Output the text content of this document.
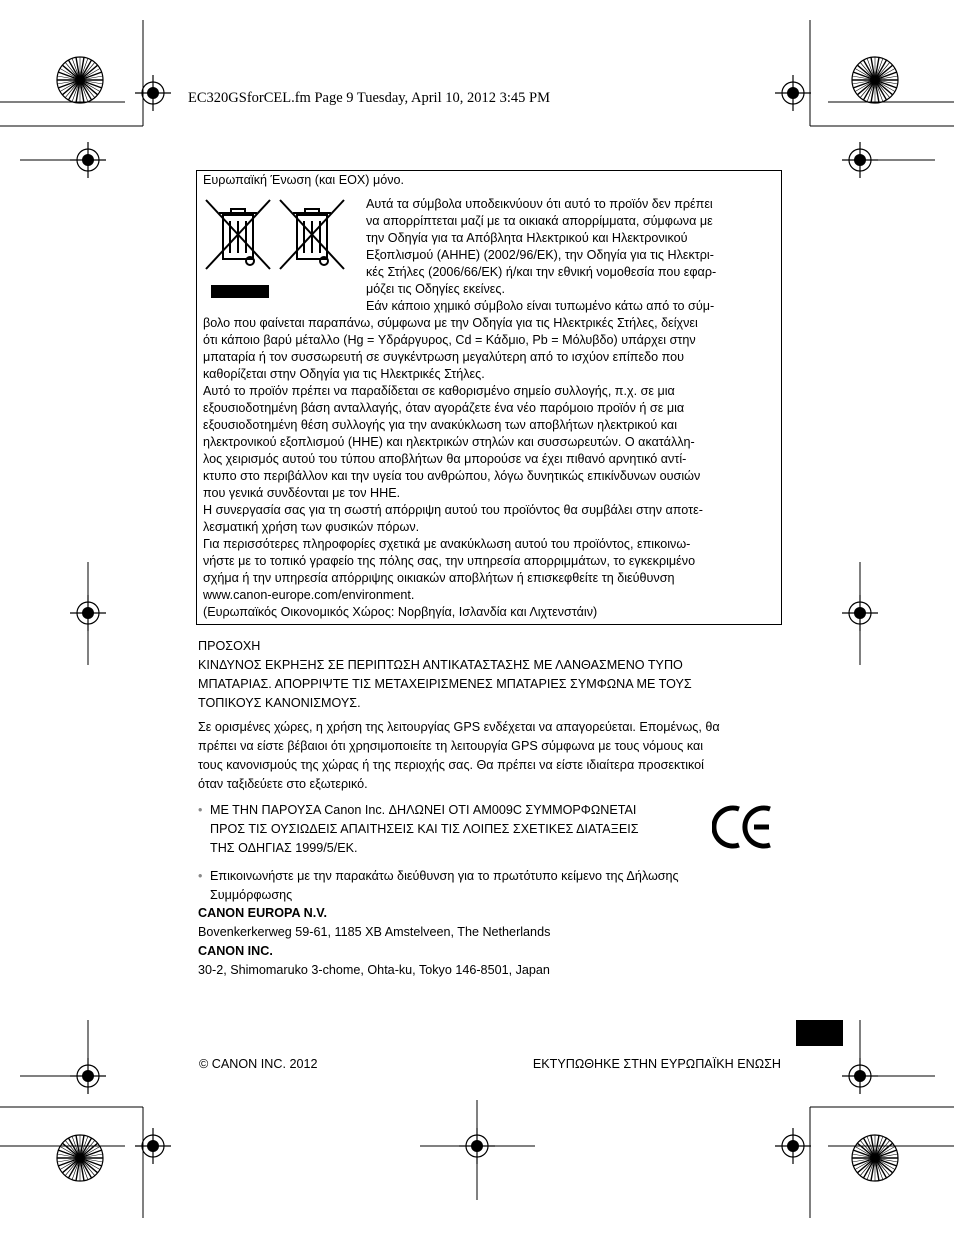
EC320GSforCEL.fm Page 9 Tuesday, April 10, 2012 3:45 PM
Ευρωπαϊκή Ένωση (και ΕΟΧ) μόνο.
Αυτά τα σύμβολα υποδεικνύουν ότι αυτό το προϊόν δεν πρέπει
να απορρίπτεται μαζί με τα οικιακά απορρίμματα, σύμφωνα με
την Οδηγία για τα Απόβλητα Ηλεκτρικού και Ηλεκτρονικού
Εξοπλισμού (ΑΗΗΕ) (2002/96/ΕΚ), την Οδηγία για τις Ηλεκτρι-
κές Στήλες (2006/66/ΕΚ) ή/και την εθνική νομοθεσία που εφαρ-
μόζει τις Οδηγίες εκείνες.
Εάν κάποιο χημικό σύμβολο είναι τυπωμένο κάτω από το σύμ-
βολο που φαίνεται παραπάνω, σύμφωνα με την Οδηγία για τις Ηλεκτρικές Στήλες, δείχνει
ότι κάποιο βαρύ μέταλλο (Hg = Υδράργυρος, Cd = Κάδμιο, Pb = Μόλυβδο) υπάρχει στην
μπαταρία ή τον συσσωρευτή σε συγκέντρωση μεγαλύτερη από το ισχύον επίπεδο που
καθορίζεται στην Οδηγία για τις Ηλεκτρικές Στήλες.
Αυτό το προϊόν πρέπει να παραδίδεται σε καθορισμένο σημείο συλλογής, π.χ. σε μια
εξουσιοδοτημένη βάση ανταλλαγής, όταν αγοράζετε ένα νέο παρόμοιο προϊόν ή σε μια
εξουσιοδοτημένη θέση συλλογής για την ανακύκλωση των αποβλήτων ηλεκτρικού και
ηλεκτρονικού εξοπλισμού (ΗΗΕ) και ηλεκτρικών στηλών και συσσωρευτών. Ο ακατάλλη-
λος χειρισμός αυτού του τύπου αποβλήτων θα μπορούσε να έχει πιθανό αρνητικό αντί-
κτυπο στο περιβάλλον και την υγεία του ανθρώπου, λόγω δυνητικώς επικίνδυνων ουσιών
που γενικά συνδέονται με τον ΗΗΕ.
Η συνεργασία σας για τη σωστή απόρριψη αυτού του προϊόντος θα συμβάλει στην αποτε-
λεσματική χρήση των φυσικών πόρων.
Για περισσότερες πληροφορίες σχετικά με ανακύκλωση αυτού του προϊόντος, επικοινω-
νήστε με το τοπικό γραφείο της πόλης σας, την υπηρεσία απορριμμάτων, το εγκεκριμένο
σχήμα ή την υπηρεσία απόρριψης οικιακών αποβλήτων ή επισκεφθείτε τη διεύθυνση
www.canon-europe.com/environment.
(Ευρωπαϊκός Οικονομικός Χώρος: Νορβηγία, Ισλανδία και Λιχτενστάιν)
ΠΡΟΣΟΧΗ
ΚΙΝΔΥΝΟΣ ΕΚΡΗΞΗΣ ΣΕ ΠΕΡΙΠΤΩΣΗ ΑΝΤΙΚΑΤΑΣΤΑΣΗΣ ΜΕ ΛΑΝΘΑΣΜΕΝΟ ΤΥΠΟ
ΜΠΑΤΑΡΙΑΣ. ΑΠΟΡΡΙΨΤΕ ΤΙΣ ΜΕΤΑΧΕΙΡΙΣΜΕΝΕΣ ΜΠΑΤΑΡΙΕΣ ΣΥΜΦΩΝΑ ΜΕ ΤΟΥΣ
ΤΟΠΙΚΟΥΣ ΚΑΝΟΝΙΣΜΟΥΣ.
Σε ορισμένες χώρες, η χρήση της λειτουργίας GPS ενδέχεται να απαγορεύεται. Επομένως, θα
πρέπει να είστε βέβαιοι ότι χρησιμοποιείτε τη λειτουργία GPS σύμφωνα με τους νόμους και
τους κανονισμούς της χώρας ή της περιοχής σας. Θα πρέπει να είστε ιδιαίτερα προσεκτικοί
όταν ταξιδεύετε στο εξωτερικό.
• ΜΕ ΤΗΝ ΠΑΡΟΥΣΑ Canon Inc. ΔΗΛΩΝΕΙ ΟΤΙ AM009C ΣΥΜΜΟΡΦΩΝΕΤΑΙ
ΠΡΟΣ ΤΙΣ ΟΥΣΙΩΔΕΙΣ ΑΠΑΙΤΗΣΕΙΣ ΚΑΙ ΤΙΣ ΛΟΙΠΕΣ ΣΧΕΤΙΚΕΣ ΔΙΑΤΑΞΕΙΣ
ΤΗΣ ΟΔΗΓΙΑΣ 1999/5/ΕΚ.
CE
• Επικοινωνήστε με την παρακάτω διεύθυνση για το πρωτότυπο κείμενο της Δήλωσης
Συμμόρφωσης
CANON EUROPA N.V.
Bovenkerkerweg 59-61, 1185 XB Amstelveen, The Netherlands
CANON INC.
30-2, Shimomaruko 3-chome, Ohta-ku, Tokyo 146-8501, Japan
© CANON INC. 2012	ΕΚΤΥΠΩΘΗΚΕ ΣΤΗΝ ΕΥΡΩΠΑΪΚΗ ΕΝΩΣΗ
